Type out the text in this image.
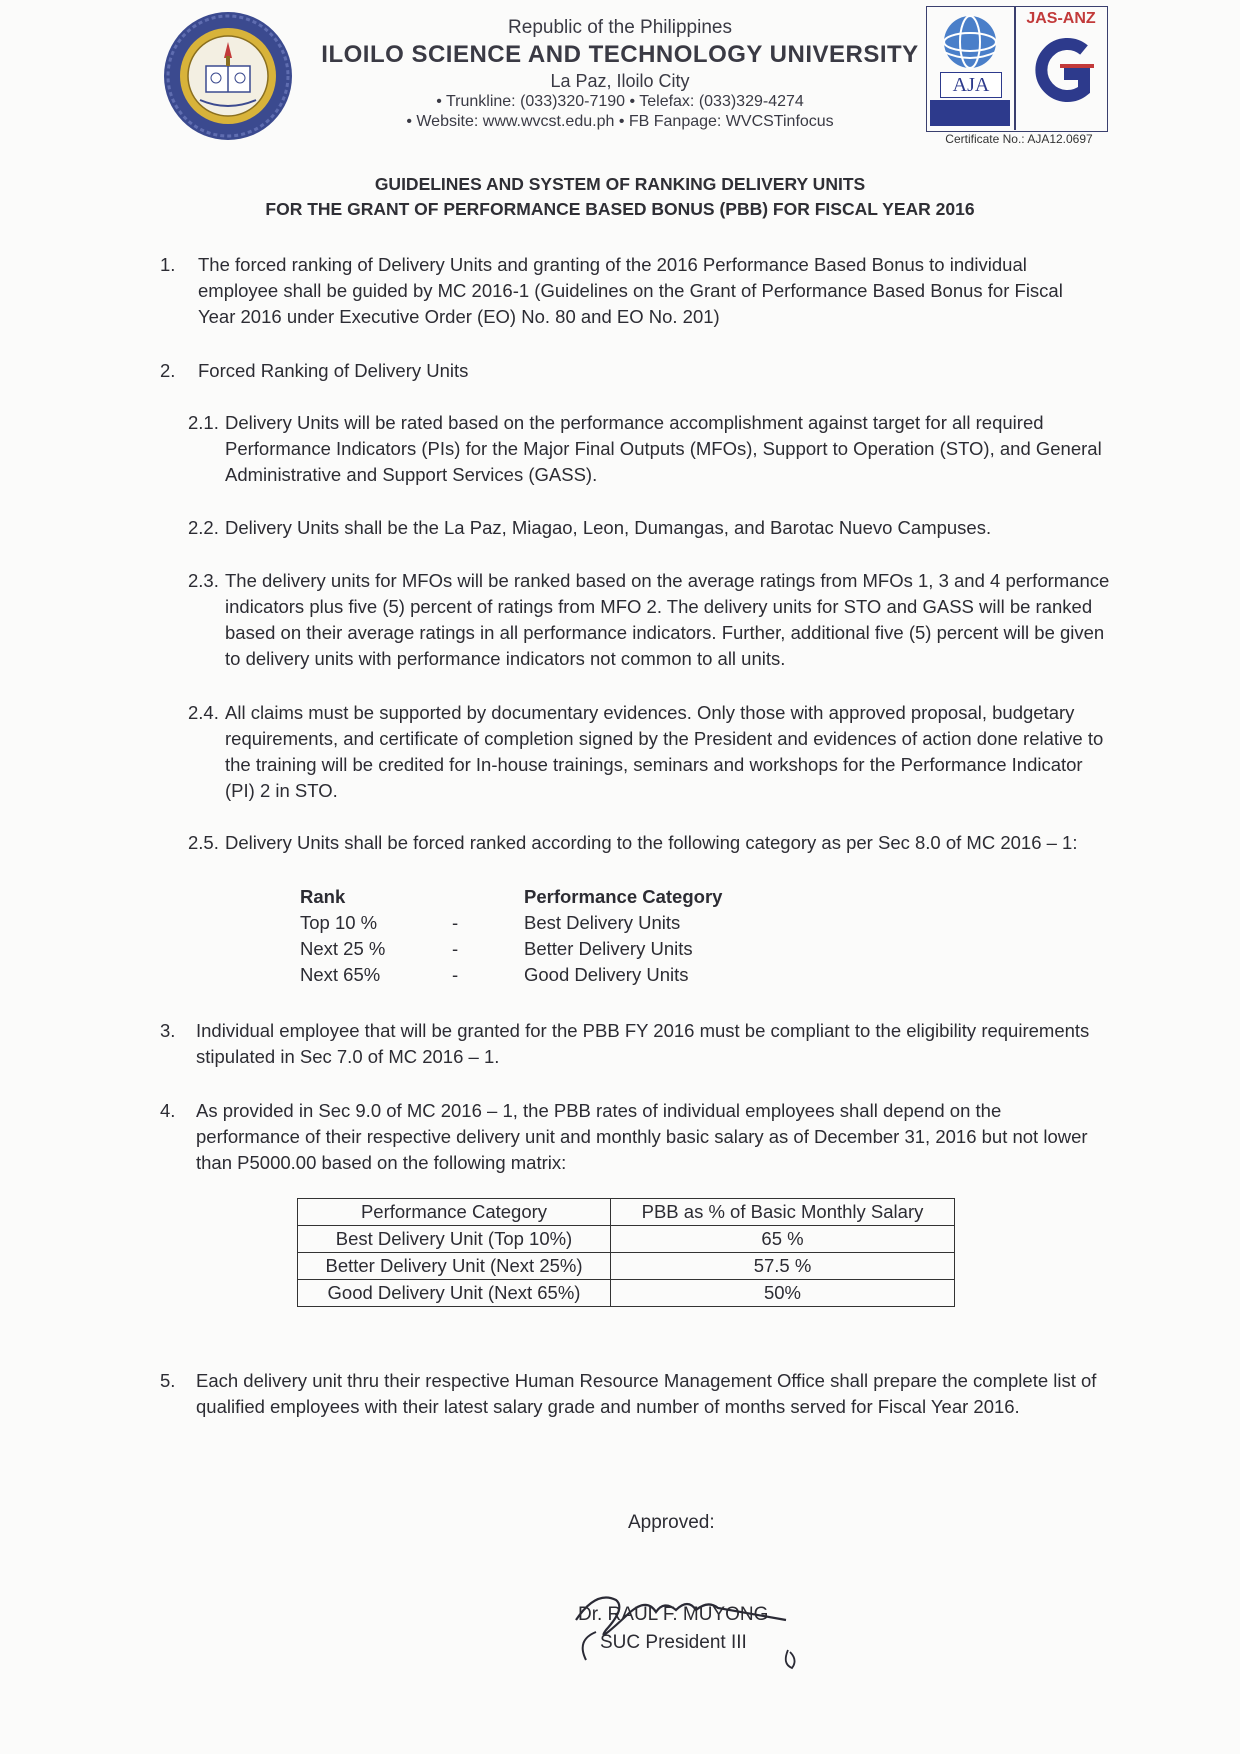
Republic of the Philippines
ILOILO SCIENCE AND TECHNOLOGY UNIVERSITY
La Paz, Iloilo City
• Trunkline: (033)320-7190 • Telefax: (033)329-4274
• Website: www.wvcst.edu.ph • FB Fanpage: WVCSTinfocus
AJA
JAS-ANZ
Certificate No.: AJA12.0697
GUIDELINES AND SYSTEM OF RANKING DELIVERY UNITS
FOR THE GRANT OF PERFORMANCE BASED BONUS (PBB) FOR FISCAL YEAR 2016
1. The forced ranking of Delivery Units and granting of the 2016 Performance Based Bonus to individual
employee shall be guided by MC 2016-1 (Guidelines on the Grant of Performance Based Bonus for Fiscal
Year 2016 under Executive Order (EO) No. 80 and EO No. 201)
2. Forced Ranking of Delivery Units
2.1. Delivery Units will be rated based on the performance accomplishment against target for all required
Performance Indicators (PIs) for the Major Final Outputs (MFOs), Support to Operation (STO), and General
Administrative and Support Services (GASS).
2.2. Delivery Units shall be the La Paz, Miagao, Leon, Dumangas, and Barotac Nuevo Campuses.
2.3. The delivery units for MFOs will be ranked based on the average ratings from MFOs 1, 3 and 4 performance
indicators plus five (5) percent of ratings from MFO 2. The delivery units for STO and GASS will be ranked
based on their average ratings in all performance indicators. Further, additional five (5) percent will be given
to delivery units with performance indicators not common to all units.
2.4. All claims must be supported by documentary evidences. Only those with approved proposal, budgetary
requirements, and certificate of completion signed by the President and evidences of action done relative to
the training will be credited for In-house trainings, seminars and workshops for the Performance Indicator
(PI) 2 in STO.
2.5. Delivery Units shall be forced ranked according to the following category as per Sec 8.0 of MC 2016 – 1:
Rank	Performance Category
Top 10 %	-	Best Delivery Units
Next 25 %	-	Better Delivery Units
Next 65%	-	Good Delivery Units
3. Individual employee that will be granted for the PBB FY 2016 must be compliant to the eligibility requirements
stipulated in Sec 7.0 of MC 2016 – 1.
4. As provided in Sec 9.0 of MC 2016 – 1, the PBB rates of individual employees shall depend on the
performance of their respective delivery unit and monthly basic salary as of December 31, 2016 but not lower
than P5000.00 based on the following matrix:
Performance Category	PBB as % of Basic Monthly Salary
Best Delivery Unit (Top 10%)	65 %
Better Delivery Unit (Next 25%)	57.5 %
Good Delivery Unit (Next 65%)	50%
5. Each delivery unit thru their respective Human Resource Management Office shall prepare the complete list of
qualified employees with their latest salary grade and number of months served for Fiscal Year 2016.
Approved:
Dr. RAUL F. MUYONG
SUC President III
